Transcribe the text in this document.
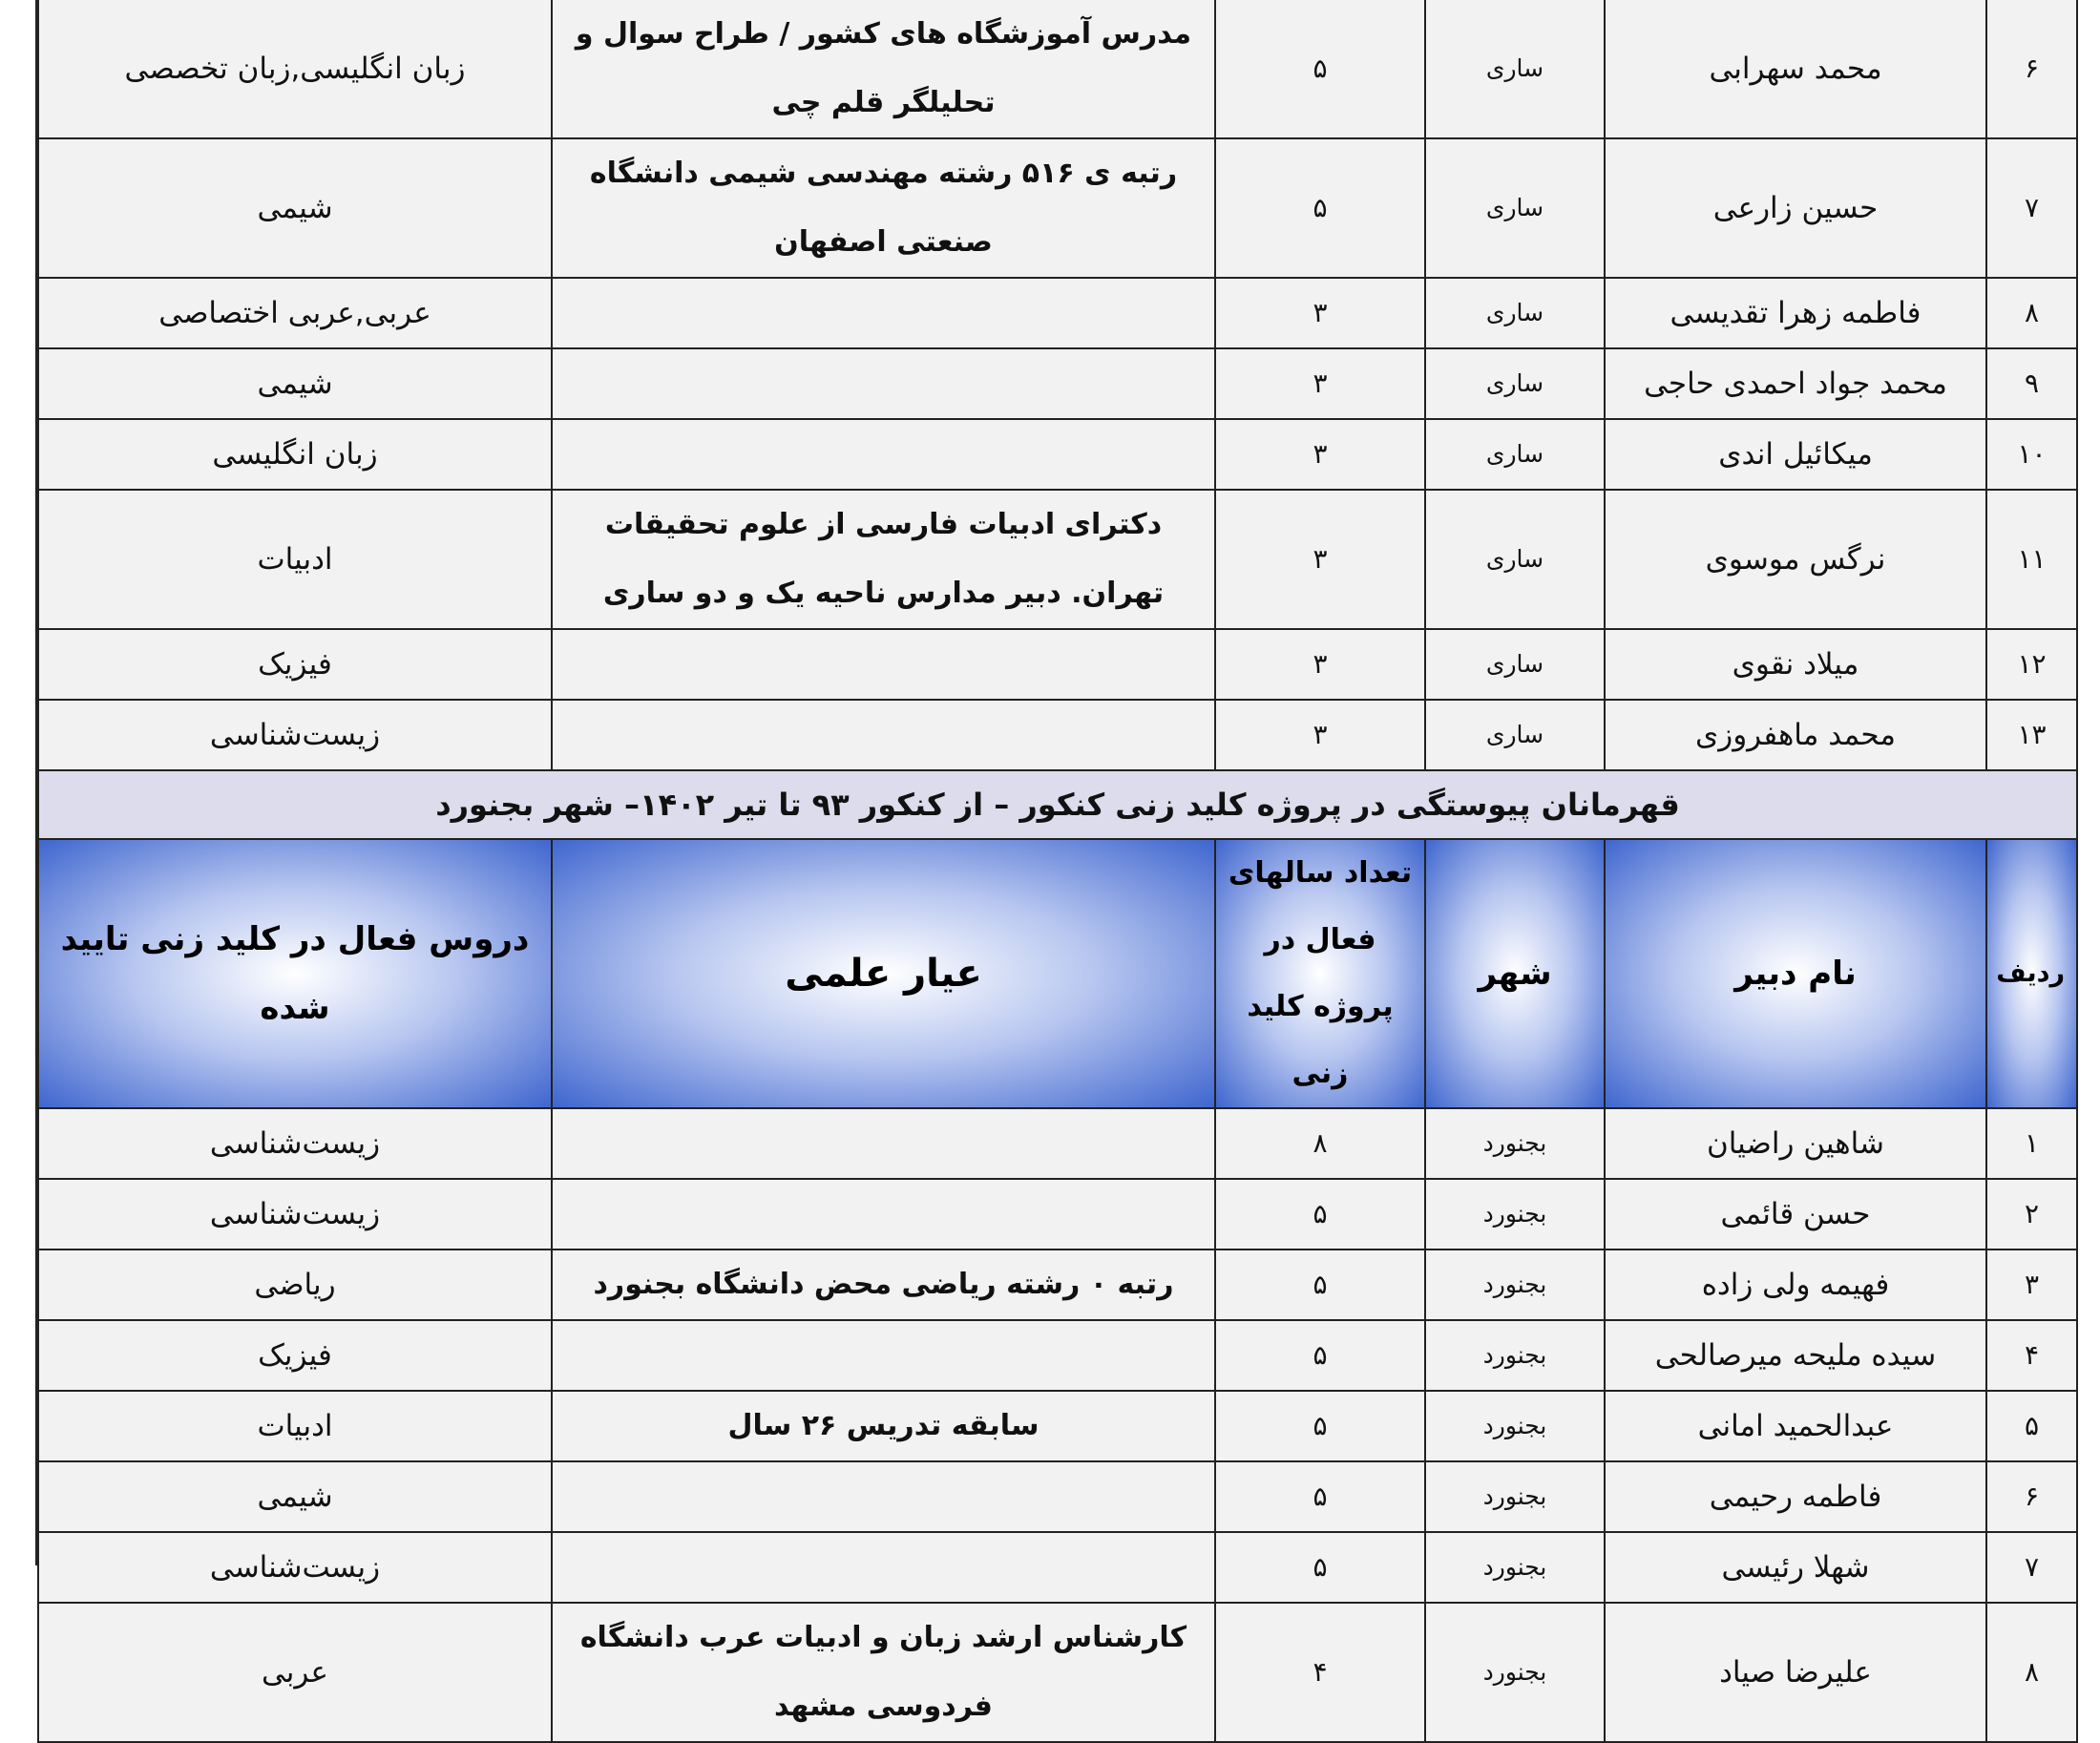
۶	محمد سهرابی	ساری	۵	مدرس آموزشگاه های کشور / طراح سوال و تحلیلگر قلم چی	زبان انگلیسی,زبان تخصصی
۷	حسین زارعی	ساری	۵	رتبه ی ۵۱۶ رشته مهندسی شیمی دانشگاه صنعتی اصفهان	شیمی
۸	فاطمه زهرا تقدیسی	ساری	۳		عربی,عربی اختصاصی
۹	محمد جواد احمدی حاجی	ساری	۳		شیمی
۱۰	میکائیل اندی	ساری	۳		زبان انگلیسی
۱۱	نرگس موسوی	ساری	۳	دکترای ادبیات فارسی از علوم تحقیقات تهران. دبیر مدارس ناحیه یک و دو ساری	ادبیات
۱۲	میلاد نقوی	ساری	۳		فیزیک
۱۳	محمد ماهفروزی	ساری	۳		زیست‌شناسی
قهرمانان پیوستگی در پروژه کلید زنی کنکور – از کنکور ۹۳ تا تیر ۱۴۰۲– شهر بجنورد					
ردیف	نام دبیر	شهر	تعداد سالهای فعال در پروژه کلید زنی	عیار علمی	دروس فعال در کلید زنی تایید شده
۱	شاهین راضیان	بجنورد	۸		زیست‌شناسی
۲	حسن قائمی	بجنورد	۵		زیست‌شناسی
۳	فهیمه ولی زاده	بجنورد	۵	رتبه ۰ رشته ریاضی محض دانشگاه بجنورد	ریاضی
۴	سیده ملیحه میرصالحی	بجنورد	۵		فیزیک
۵	عبدالحمید امانی	بجنورد	۵	سابقه تدریس ۲۶ سال	ادبیات
۶	فاطمه رحیمی	بجنورد	۵		شیمی
۷	شهلا رئیسی	بجنورد	۵		زیست‌شناسی
۸	علیرضا صیاد	بجنورد	۴	کارشناس ارشد زبان و ادبیات عرب دانشگاه فردوسی مشهد	عربی
